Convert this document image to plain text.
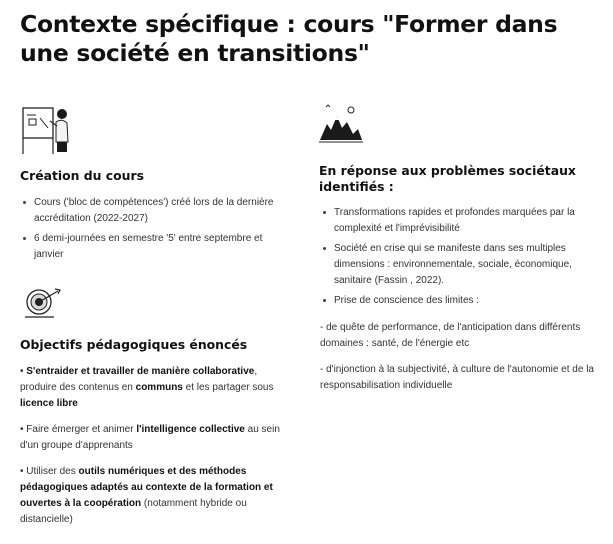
Contexte spécifique : cours "Former dans une société en transitions"
Création du cours
Cours ('bloc de compétences') créé lors de la dernière accréditation (2022-2027)
6 demi-journées en semestre '5' entre septembre et janvier
Objectifs pédagogiques énoncés

• S'entraider et travailler de manière collaborative, produire des contenus en communs et les partager sous licence libre

• Faire émerger et animer l'intelligence collective au sein d'un groupe d'apprenants

• Utiliser des outils numériques et des méthodes pédagogiques adaptés au contexte de la formation et ouvertes à la coopération (notamment hybride ou distancielle)

En réponse aux problèmes sociétaux identifiés :
Transformations rapides et profondes marquées par la complexité et l'imprévisibilité
Société en crise qui se manifeste dans ses multiples dimensions : environnementale, sociale, économique, sanitaire (Fassin , 2022).
Prise de conscience des limites :

- de quête de performance, de l'anticipation dans différents domaines : santé, de l'énergie etc

- d'injonction à la subjectivité, à culture de l'autonomie et de la responsabilisation individuelle
